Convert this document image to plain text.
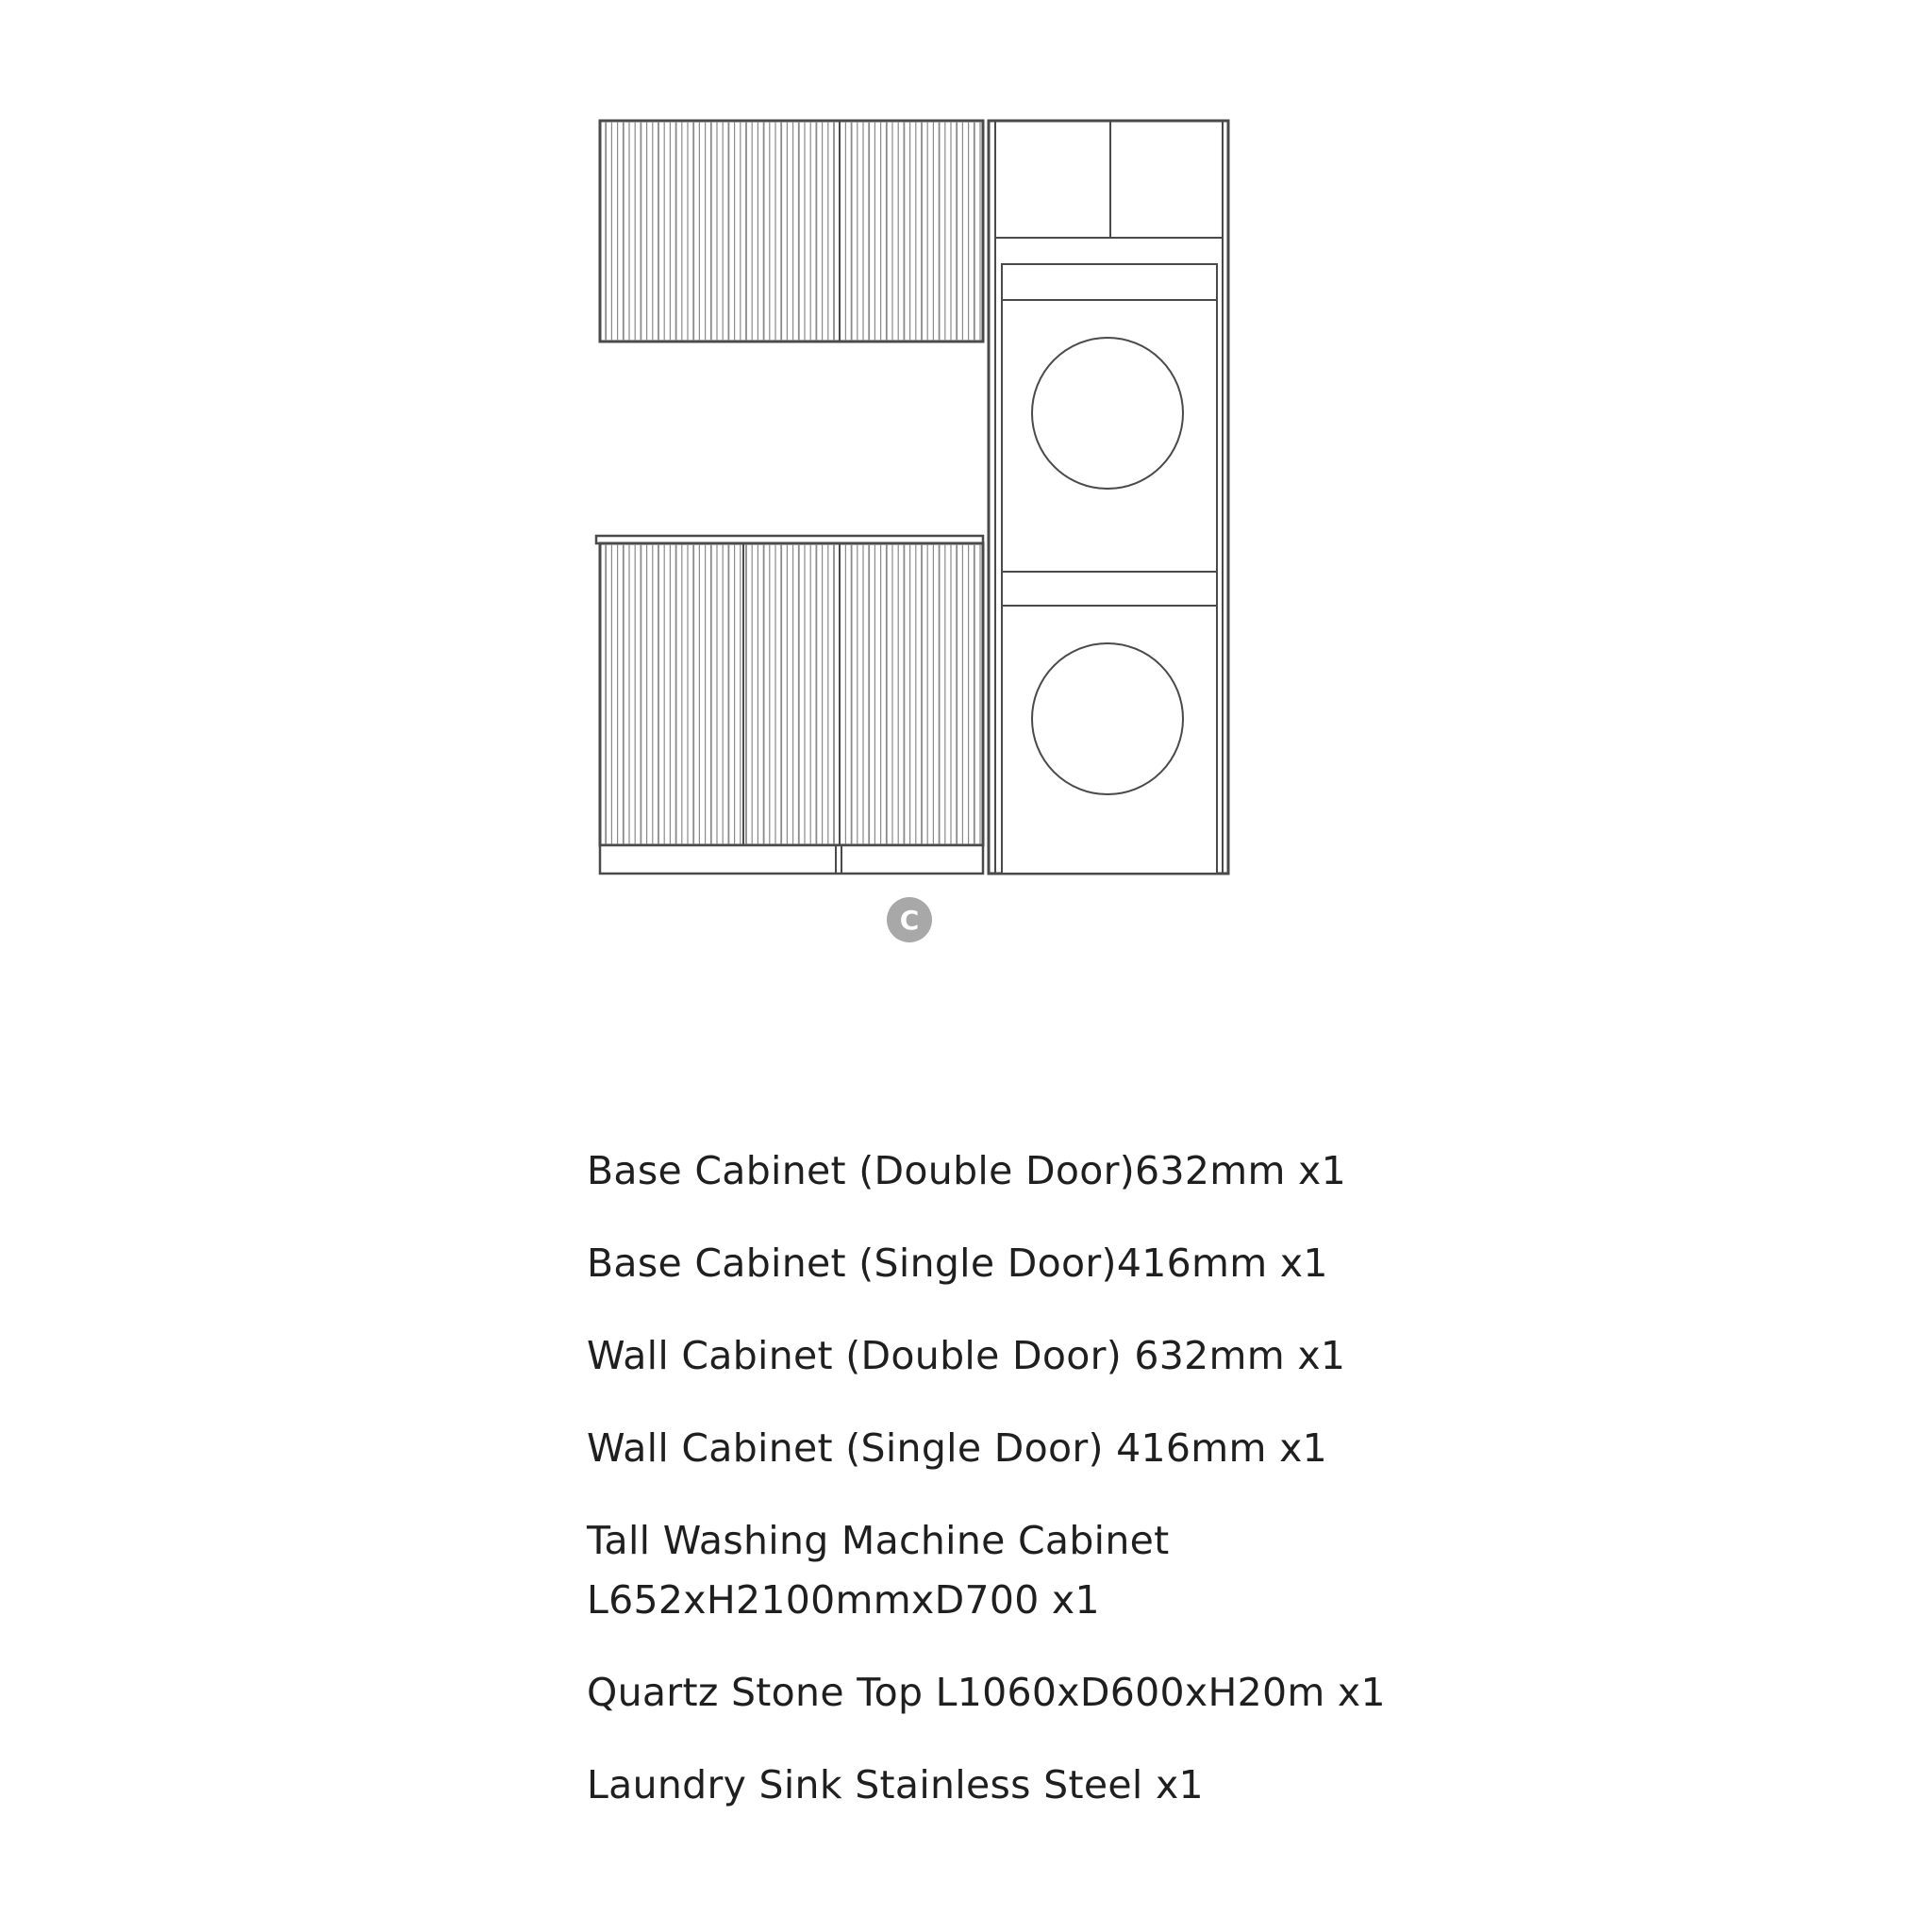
C
Base Cabinet (Double Door)632mm x1
Base Cabinet (Single Door)416mm x1
Wall Cabinet (Double Door) 632mm x1
Wall Cabinet (Single Door) 416mm x1
Tall Washing Machine Cabinet L652xH2100mmxD700 x1
Quartz Stone Top L1060xD600xH20m x1
Laundry Sink Stainless Steel x1
